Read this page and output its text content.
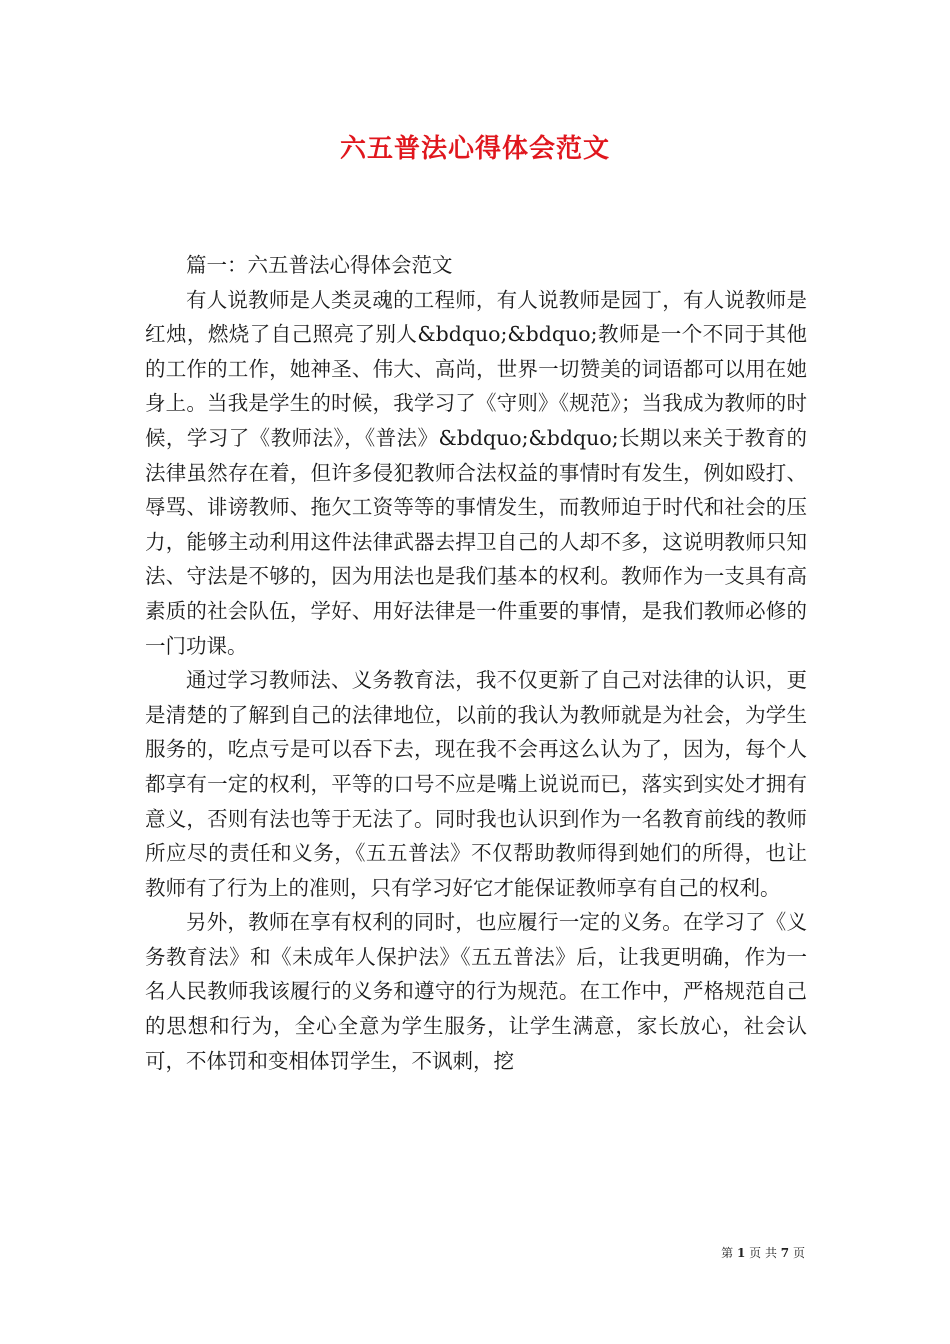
六五普法心得体会范文

篇一：六五普法心得体会范文

有人说教师是人类灵魂的工程师，有人说教师是园丁，有人说教师是红烛，燃烧了自己照亮了别人&bdquo;&bdquo;教师是一个不同于其他的工作的工作，她神圣、伟大、高尚，世界一切赞美的词语都可以用在她身上。当我是学生的时候，我学习了《守则》《规范》；当我成为教师的时候，学习了《教师法》，《普法》&bdquo;&bdquo;长期以来关于教育的法律虽然存在着，但许多侵犯教师合法权益的事情时有发生，例如殴打、辱骂、诽谤教师、拖欠工资等等的事情发生，而教师迫于时代和社会的压力，能够主动利用这件法律武器去捍卫自己的人却不多，这说明教师只知法、守法是不够的，因为用法也是我们基本的权利。教师作为一支具有高素质的社会队伍，学好、用好法律是一件重要的事情，是我们教师必修的一门功课。

通过学习教师法、义务教育法，我不仅更新了自己对法律的认识，更是清楚的了解到自己的法律地位，以前的我认为教师就是为社会，为学生服务的，吃点亏是可以吞下去，现在我不会再这么认为了，因为，每个人都享有一定的权利，平等的口号不应是嘴上说说而已，落实到实处才拥有意义，否则有法也等于无法了。同时我也认识到作为一名教育前线的教师所应尽的责任和义务，《五五普法》不仅帮助教师得到她们的所得，也让教师有了行为上的准则，只有学习好它才能保证教师享有自己的权利。

另外，教师在享有权利的同时，也应履行一定的义务。在学习了《义务教育法》和《未成年人保护法》《五五普法》后，让我更明确，作为一名人民教师我该履行的义务和遵守的行为规范。在工作中，严格规范自己的思想和行为，全心全意为学生服务，让学生满意，家长放心，社会认可，不体罚和变相体罚学生，不讽刺，挖

第 1 页 共 7 页
